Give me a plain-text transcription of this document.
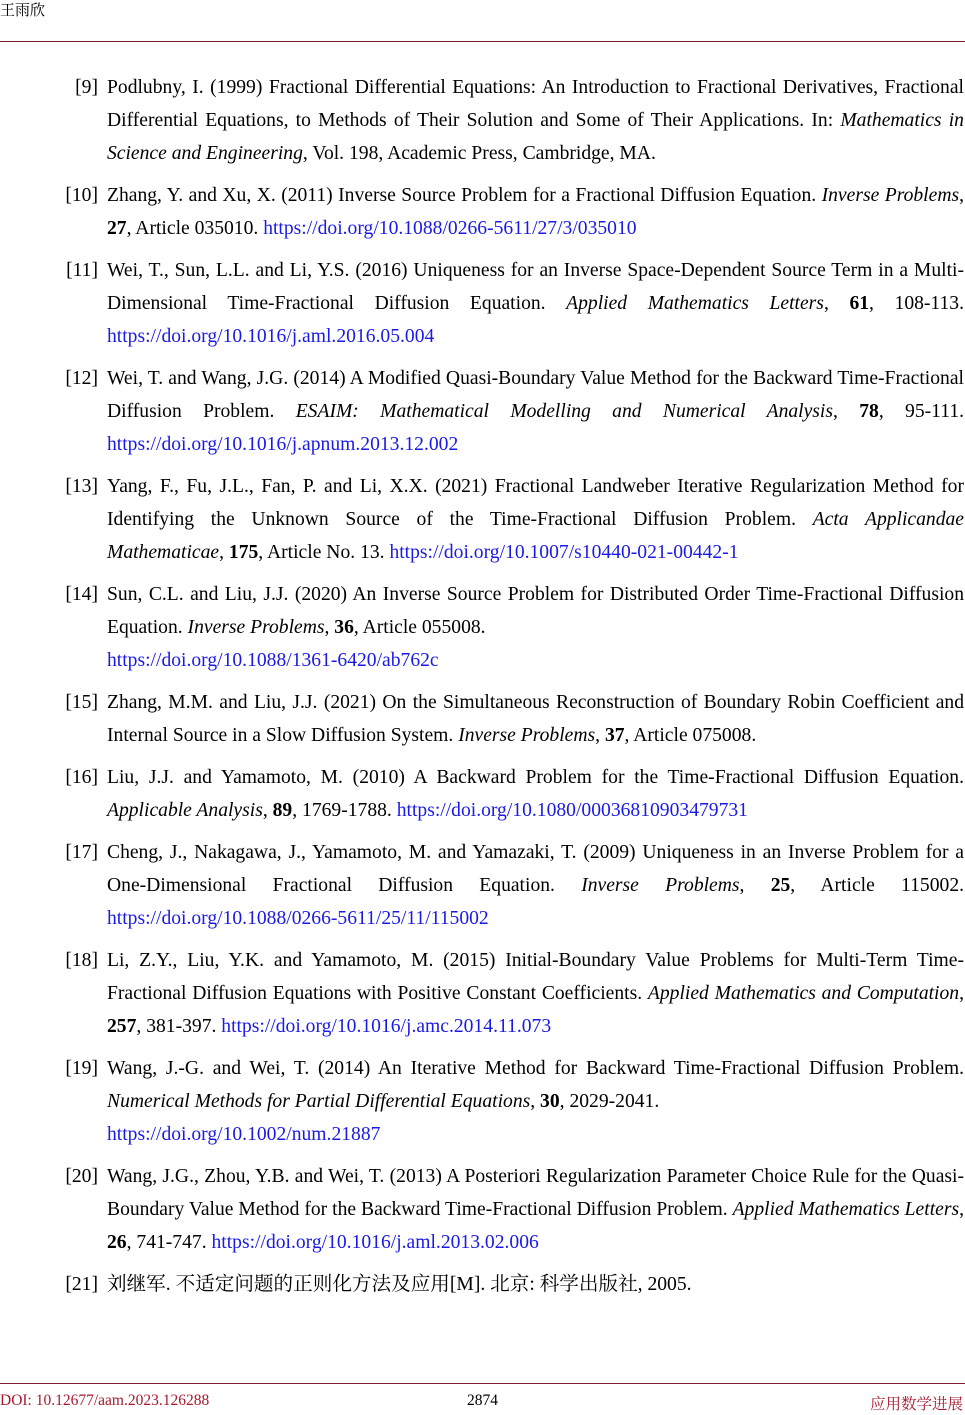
王雨欣
[9] Podlubny, I. (1999) Fractional Differential Equations: An Introduction to Fractional Derivatives, Fractional Differential Equations, to Methods of Their Solution and Some of Their Applications. In: Mathematics in Science and Engineering, Vol. 198, Academic Press, Cambridge, MA.
[10] Zhang, Y. and Xu, X. (2011) Inverse Source Problem for a Fractional Diffusion Equation. Inverse Problems, 27, Article 035010. https://doi.org/10.1088/0266-5611/27/3/035010
[11] Wei, T., Sun, L.L. and Li, Y.S. (2016) Uniqueness for an Inverse Space-Dependent Source Term in a Multi-Dimensional Time-Fractional Diffusion Equation. Applied Mathematics Letters, 61, 108-113. https://doi.org/10.1016/j.aml.2016.05.004
[12] Wei, T. and Wang, J.G. (2014) A Modified Quasi-Boundary Value Method for the Backward Time-Fractional Diffusion Problem. ESAIM: Mathematical Modelling and Numerical Analysis, 78, 95-111. https://doi.org/10.1016/j.apnum.2013.12.002
[13] Yang, F., Fu, J.L., Fan, P. and Li, X.X. (2021) Fractional Landweber Iterative Regularization Method for Identifying the Unknown Source of the Time-Fractional Diffusion Problem. Acta Applicandae Mathematicae, 175, Article No. 13. https://doi.org/10.1007/s10440-021-00442-1
[14] Sun, C.L. and Liu, J.J. (2020) An Inverse Source Problem for Distributed Order Time-Fractional Diffusion Equation. Inverse Problems, 36, Article 055008.
https://doi.org/10.1088/1361-6420/ab762c
[15] Zhang, M.M. and Liu, J.J. (2021) On the Simultaneous Reconstruction of Boundary Robin Coefficient and Internal Source in a Slow Diffusion System. Inverse Problems, 37, Article 075008.
[16] Liu, J.J. and Yamamoto, M. (2010) A Backward Problem for the Time-Fractional Diffusion Equation. Applicable Analysis, 89, 1769-1788. https://doi.org/10.1080/00036810903479731
[17] Cheng, J., Nakagawa, J., Yamamoto, M. and Yamazaki, T. (2009) Uniqueness in an Inverse Problem for a One-Dimensional Fractional Diffusion Equation. Inverse Problems, 25, Article 115002. https://doi.org/10.1088/0266-5611/25/11/115002
[18] Li, Z.Y., Liu, Y.K. and Yamamoto, M. (2015) Initial-Boundary Value Problems for Multi-Term Time-Fractional Diffusion Equations with Positive Constant Coefficients. Applied Mathematics and Computation, 257, 381-397. https://doi.org/10.1016/j.amc.2014.11.073
[19] Wang, J.-G. and Wei, T. (2014) An Iterative Method for Backward Time-Fractional Diffusion Problem. Numerical Methods for Partial Differential Equations, 30, 2029-2041.
https://doi.org/10.1002/num.21887
[20] Wang, J.G., Zhou, Y.B. and Wei, T. (2013) A Posteriori Regularization Parameter Choice Rule for the Quasi-Boundary Value Method for the Backward Time-Fractional Diffusion Problem. Applied Mathematics Letters, 26, 741-747. https://doi.org/10.1016/j.aml.2013.02.006
[21] 刘继军. 不适定问题的正则化方法及应用[M]. 北京: 科学出版社, 2005.
DOI: 10.12677/aam.2023.126288	2874	应用数学进展
